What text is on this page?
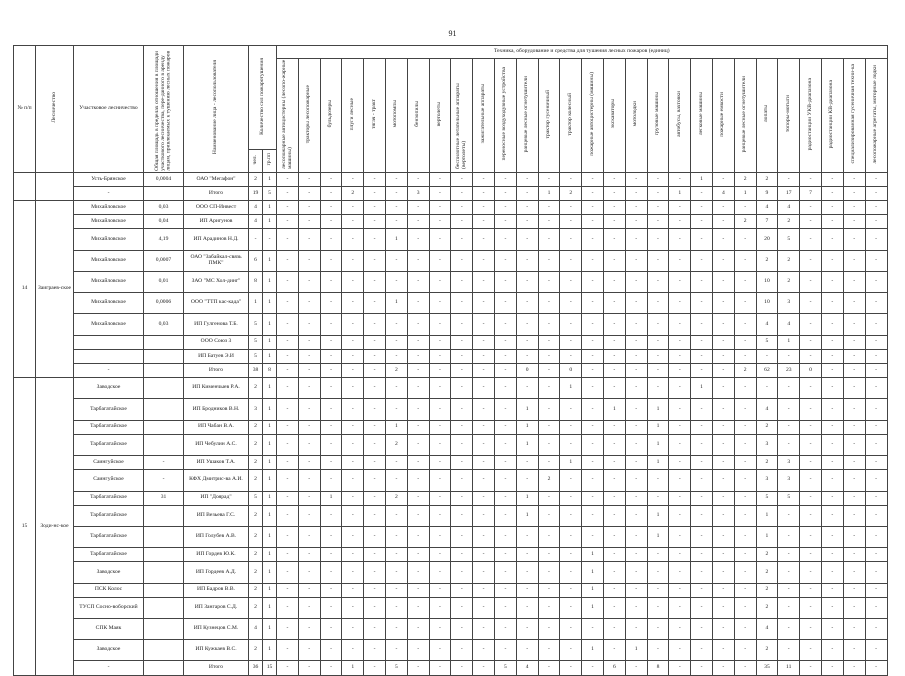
91
№ п/п	Лесничество	Участковое лесничество	Общая площадь в пределах отношения в площади участкового лесничества, пере-данного в аренду лицам, привлекаемых к тушению лесных пожаров	Наименование лица - лесопользователя	Количество сил пожаротушения		Техника, оборудование и средства для тушения лесных пожаров (единиц)																											
							лесопожарные автоцистерны (лесопо-жарные машины)	тракторы лесопожарные	бульдозеры	плуги лесные	тягач - тракт	мотопомпы	бензопилы	вертолеты	беспилотные летательные аппараты (вертолеты)	зажигательные аппараты	переносные воздуходувные устройства	ранцевые лесные огнетушители	трактор гусеничный	трактор колесный	пожарные автоцистерны (машины)	экскаваторы	мотолодки	грузовые машины	автобусы, вахтовки	легковые машины	пожарные емкости	ранцевые лесные огнетушители	лопаты	топоры-мотыги	радиостанции УКВ-диапазона	радиостанции КВ-диапазона	специализированная гусеничная техни-ка	лесопожарные агрегаты, моторные лодки
					чел.	гр.пп																												
		Усть-Брянское	0,0004	ОАО "Мегафон"	2	1	-	-	-	-	-	-	-	-	-	-	-	-	-	-	-	-	-	-	-	1	-	2	2	-	-	-	-	-
		-		Итого	19	5	-	-	-	2	-	-	3	-	-	-	-	-	1	2	-	-	-	-	1	-	4	1	9	17	7	-	-	-
14	Заиграев-ское	Михайловское	0,03	ООО СП-Инвест	4	1	-	-	-	-	-	-	-	-	-	-	-	-	-	-	-	-	-	-	-	-	-	-	4	4	-	-	-	-
		Михайловское	0,04	ИП Аригунов	4	1	-	-	-	-	-	-	-	-	-	-	-	-	-	-	-	-	-	-	-	-	-	2	7	2	-	-	-	-
		Михайловское	4,19	ИП Арадинов Н.Д.	-	-	-	-	-	-	-	1	-	-	-	-	-	-	-	-	-	-	-	-	-	-	-	-	20	5	-	-	-	-
		Михайловское	0,0007	ОАО "Забайкал-связь ПМК"	6	1	-	-	-	-	-	-	-	-	-	-	-	-	-	-	-	-	-	-	-	-	-	-	2	2	-	-	-	-
		Михайловское	0,01	ЗАО "МС Хол-динг"	8	1	-	-	-	-	-	-	-	-	-	-	-	-	-	-	-	-	-	-	-	-	-	-	10	2	-	-	-	-
		Михайловское	0,0006	ООО "ТТП кас-када"	1	1	-	-	-	-	-	1	-	-	-	-	-	-	-	-	-	-	-	-	-	-	-	-	10	3	-	-	-	-
		Михайловское	0,03	ИП Гулгенова Т.Б.	5	1	-	-	-	-	-	-	-	-	-	-	-	-	-	-	-	-	-	-	-	-	-	-	4	4	-	-	-	-
				ООО Союз 3	5	1	-	-	-	-	-	-	-	-	-	-	-	-	-	-	-	-	-	-	-	-	-	-	5	1	-	-	-	-
				ИП Батуев Э.И	5	1	-	-	-	-	-	-	-	-	-	-	-	-	-	-	-	-	-	-	-	-	-	-	-	-	-	-	-	-
		-		Итого	38	8	-	-	-	-	-	2	-	-	-	-	-	0	-	0	-	-	-	-	-	-	-	2	62	23	0	-	-	-
15	Зоди-нс-кое	Заводское		ИП Кименчыев Р.А.	2	1	-	-	-	-	-	-	-	-	-	-	-	-	-	1	-	-	-	-	-	1	-	-	-	-	-	-	-	-
		Тарбагатайское		ИП Бродников В.Н.	3	1	-	-	-	-	-	-	-	-	-	-	-	1	-	-	-	1	-	1	-	-	-	-	4	-	-	-	-	-
		Тарбагатайское		ИП Чабан В.А.	2	1	-	-	-	-	-	1	-	-	-	-	-	1	-	-	-	-	-	1	-	-	-	-	2	-	-	-	-	-
		Тарбагатайское		ИП Чебулин А.С.	2	1	-	-	-	-	-	2	-	-	-	-	-	1	-	-	-	-	-	1	-	-	-	-	3	-	-	-	-	-
		Саингуйское	-	ИП Ушаков Т.А.	2	1	-	-	-	-	-	-	-	-	-	-	-	-	-	1	-	-	-	1	-	-	-	-	2	3	-	-	-	-
		Саингуйское	-	КФХ Дмитрис-ва А.И.	2	1	-	-	-	-	-	-	-	-	-	-	-	-	2	-	-	-	-	-	-	-	-	-	3	3	-	-	-	-
		Тарбагатайское	31	ИП "Доярад"	5	1	-	-	1	-	-	2	-	-	-	-	-	1	-	-	-	-	-	-	-	-	-	-	5	5	-	-	-	-
		Тарбагатайское		ИП Везьева Г.С.	2	1	-	-	-	-	-	-	-	-	-	-	-	1	-	-	-	-	-	1	-	-	-	-	1	-	-	-	-	-
		Тарбагатайское		ИП Голубев А.В.	2	1	-	-	-	-	-	-	-	-	-	-	-	-	-	-	-	-	-	1	-	-	-	-	1	-	-	-	-	-
		Тарбагатайское		ИП Гордев Ю.К.	2	1	-	-	-	-	-	-	-	-	-	-	-	-	-	-	1	-	-	-	-	-	-	-	2	-	-	-	-	-
		Заводское		ИП Гордеев А.Д.	2	1	-	-	-	-	-	-	-	-	-	-	-	-	-	-	1	-	-	-	-	-	-	-	2	-	-	-	-	-
		ПСК Колос		ИП Бадров В.В.	2	1	-	-	-	-	-	-	-	-	-	-	-	-	-	-	1	-	-	-	-	-	-	-	2	-	-	-	-	-
		ТУСП Сосно-воборский		ИП Зангаров С.Д.	2	1	-	-	-	-	-	-	-	-	-	-	-	-	-	-	1	-	-	-	-	-	-	-	2	-	-	-	-	-
		СПК Маяк		ИП Кузнецов С.М.	4	1	-	-	-	-	-	-	-	-	-	-	-	-	-	-	-	-	-	-	-	-	-	-	4	-	-	-	-	-
		Заводское		ИП Кужкаев В.С.	2	1	-	-	-	-	-	-	-	-	-	-	-	-	-	-	1	-	1	-	-	-	-	-	2	-	-	-	-	-
		-		Итого	36	15	-	-	-	1	-	5	-	-	-	-	5	4	-	-	-	6	-	8	-	-	-	-	35	11	-	-	-	-
